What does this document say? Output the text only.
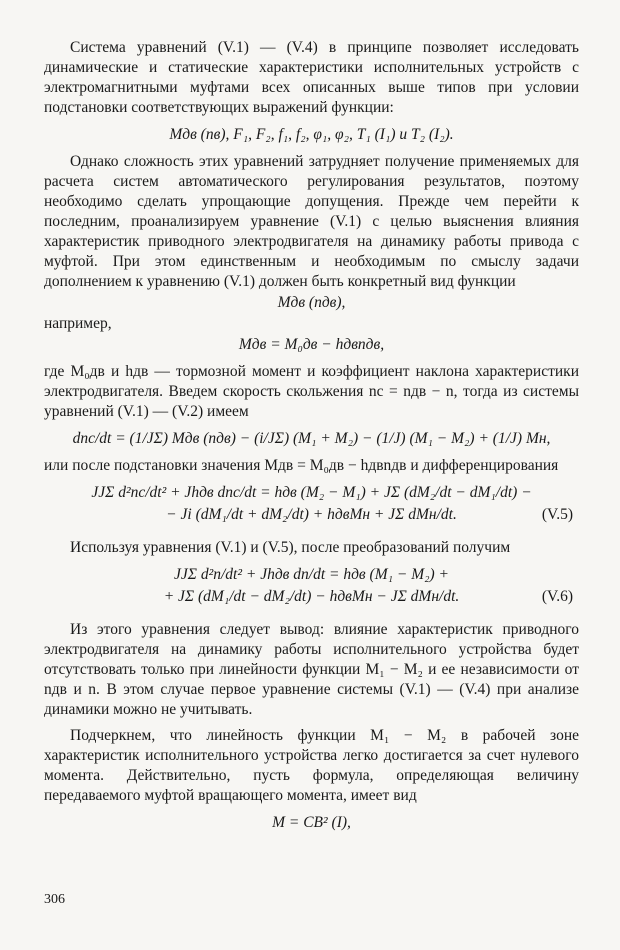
Система уравнений (V.1) — (V.4) в принципе позволяет исследовать динамические и статические характеристики исполнительных устройств с электромагнитными муфтами всех описанных выше типов при условии подстановки соответствующих выражений функции:

Mдв (nв), F₁, F₂, f₁, f₂, φ₁, φ₂, T₁ (I₁) и T₂ (I₂).

Однако сложность этих уравнений затрудняет получение применяемых для расчета систем автоматического регулирования результатов, поэтому необходимо сделать упрощающие допущения. Прежде чем перейти к последним, проанализируем уравнение (V.1) с целью выяснения влияния характеристик приводного электродвигателя на динамику работы привода с муфтой. При этом единственным и необходимым по смыслу задачи дополнением к уравнению (V.1) должен быть конкретный вид функции

Mдв (nдв),

например,

Mдв = M₀дв − hдвnдв,

где M₀дв и hдв — тормозной момент и коэффициент наклона характеристики электродвигателя. Введем скорость скольжения nс = nдв − n, тогда из системы уравнений (V.1) — (V.2) имеем

dnс/dt = (1/JΣ) Mдв (nдв) − (i/JΣ) (M₁ + M₂) − (1/J) (M₁ − M₂) + (1/J) Mн,

или после подстановки значения Mдв = M₀дв − hдвnдв и дифференцирования

JJΣ d²nс/dt² + Jhдв dnс/dt = hдв (M₂ − M₁) + JΣ (dM₂/dt − dM₁/dt) −
− Ji (dM₁/dt + dM₂/dt) + hдвMн + JΣ dMн/dt.	(V.5)

Используя уравнения (V.1) и (V.5), после преобразований получим

JJΣ d²n/dt² + Jhдв dn/dt = hдв (M₁ − M₂) +
+ JΣ (dM₁/dt − dM₂/dt) − hдвMн − JΣ dMн/dt.	(V.6)

Из этого уравнения следует вывод: влияние характеристик приводного электродвигателя на динамику работы исполнительного устройства будет отсутствовать только при линейности функции M₁ − M₂ и ее независимости от nдв и n. В этом случае первое уравнение системы (V.1) — (V.4) при анализе динамики можно не учитывать.

Подчеркнем, что линейность функции M₁ − M₂ в рабочей зоне характеристик исполнительного устройства легко достигается за счет нулевого момента. Действительно, пусть формула, определяющая величину передаваемого муфтой вращающего момента, имеет вид

M = CB² (I),
306
